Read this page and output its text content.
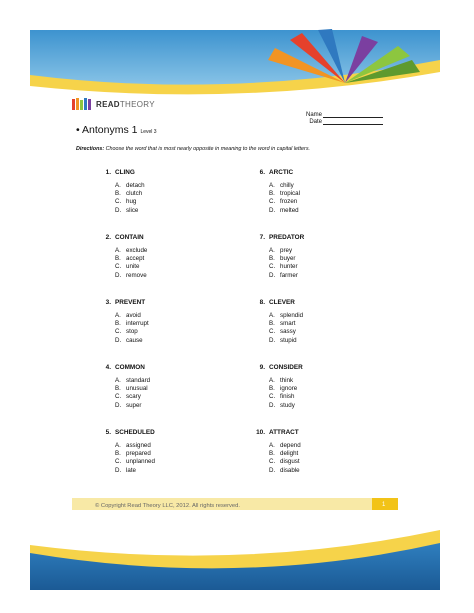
READTHEORY
Name
Date
• Antonyms 1 Level 3
Directions: Choose the word that is most nearly opposite in meaning to the word in capital letters.
1. CLING
A. detach
B. clutch
C. hug
D. slice
6. ARCTIC
A. chilly
B. tropical
C. frozen
D. melted
2. CONTAIN
A. exclude
B. accept
C. unite
D. remove
7. PREDATOR
A. prey
B. buyer
C. hunter
D. farmer
3. PREVENT
A. avoid
B. interrupt
C. stop
D. cause
8. CLEVER
A. splendid
B. smart
C. sassy
D. stupid
4. COMMON
A. standard
B. unusual
C. scary
D. super
9. CONSIDER
A. think
B. ignore
C. finish
D. study
5. SCHEDULED
A. assigned
B. prepared
C. unplanned
D. late
10. ATTRACT
A. depend
B. delight
C. disgust
D. disable
© Copyright Read Theory LLC, 2012. All rights reserved.	1
